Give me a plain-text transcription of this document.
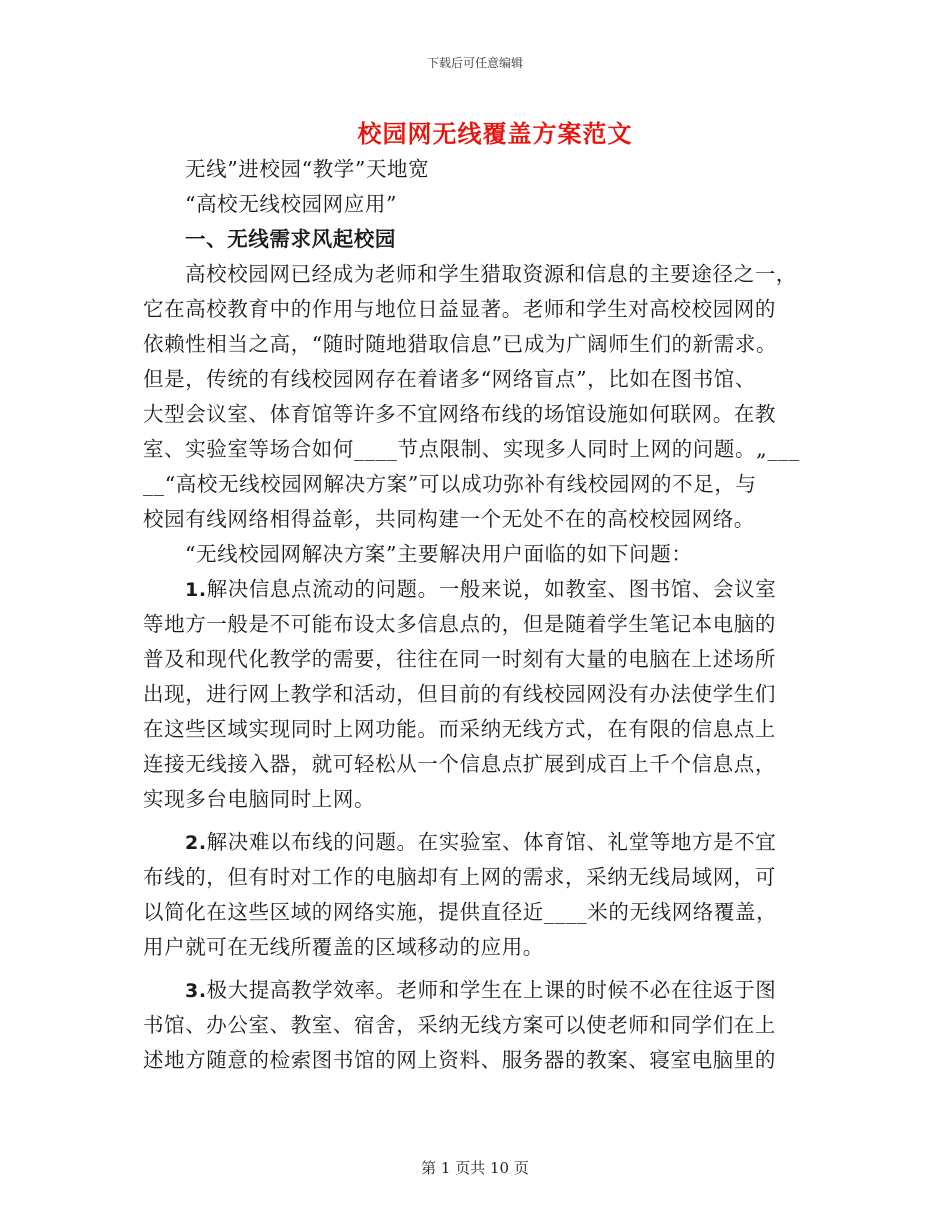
下载后可任意编辑
校园网无线覆盖方案范文
无线”进校园“教学”天地宽
“高校无线校园网应用”
一、无线需求风起校园
高校校园网已经成为老师和学生猎取资源和信息的主要途径之一，
它在高校教育中的作用与地位日益显著。老师和学生对高校校园网的
依赖性相当之高，“随时随地猎取信息”已成为广阔师生们的新需求。
但是，传统的有线校园网存在着诸多“网络盲点”，比如在图书馆、
大型会议室、体育馆等许多不宜网络布线的场馆设施如何联网。在教
室、实验室等场合如何____节点限制、实现多人同时上网的问题。„___
__“高校无线校园网解决方案”可以成功弥补有线校园网的不足，与
校园有线网络相得益彰，共同构建一个无处不在的高校校园网络。
“无线校园网解决方案”主要解决用户面临的如下问题：
1.解决信息点流动的问题。一般来说，如教室、图书馆、会议室
等地方一般是不可能布设太多信息点的，但是随着学生笔记本电脑的
普及和现代化教学的需要，往往在同一时刻有大量的电脑在上述场所
出现，进行网上教学和活动，但目前的有线校园网没有办法使学生们
在这些区域实现同时上网功能。而采纳无线方式，在有限的信息点上
连接无线接入器，就可轻松从一个信息点扩展到成百上千个信息点，
实现多台电脑同时上网。
2.解决难以布线的问题。在实验室、体育馆、礼堂等地方是不宜
布线的，但有时对工作的电脑却有上网的需求，采纳无线局域网，可
以简化在这些区域的网络实施，提供直径近____米的无线网络覆盖，
用户就可在无线所覆盖的区域移动的应用。
3.极大提高教学效率。老师和学生在上课的时候不必在往返于图
书馆、办公室、教室、宿舍，采纳无线方案可以使老师和同学们在上
述地方随意的检索图书馆的网上资料、服务器的教案、寝室电脑里的
第 1 页共 10 页
